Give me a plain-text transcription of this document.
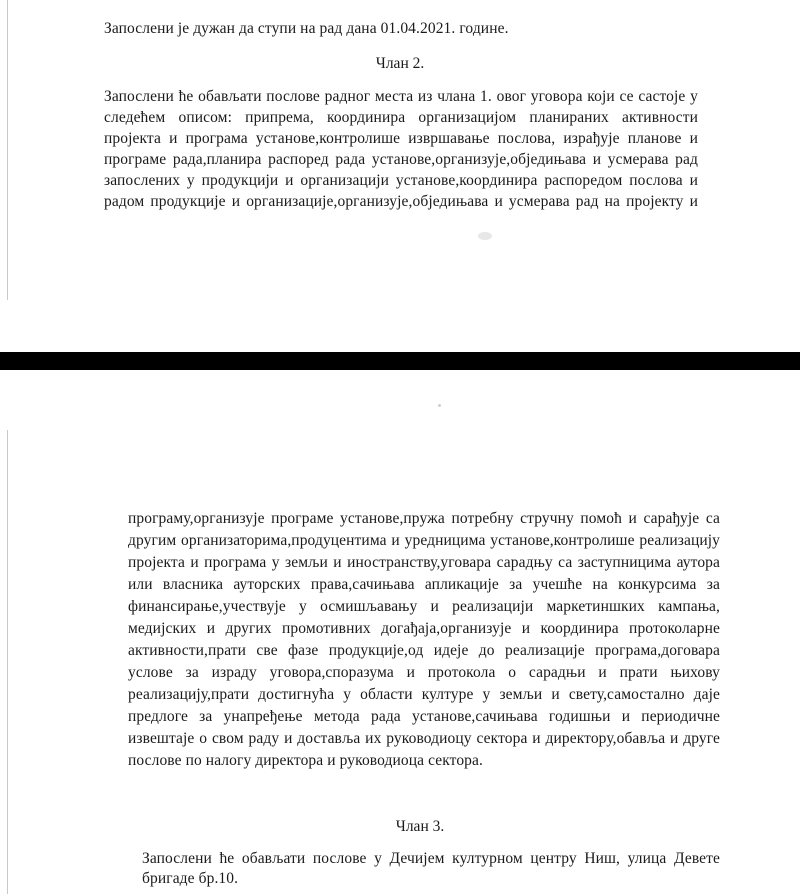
Запослени је дужан да ступи на рад дана 01.04.2021. године.
Члан 2.
Запослени ће обављати послове радног места из члана 1. овог уговора који се састоје у
следећем описом: припрема, координира организацијом планираних активности
пројекта и програма установе,контролише извршавање послова, израђује планове и
програме рада,планира распоред рада установе,организује,обједињава и усмерава рад
запослених у продукцији и организацији установе,координира распоредом послова и
радом продукције и организације,организује,обједињава и усмерава рад на пројекту и
програму,организује програме установе,пружа потребну стручну помоћ и сарађује са
другим организаторима,продуцентима и уредницима установе,контролише реализацију
пројекта и програма у земљи и иностранству,уговара сарадњу са заступницима аутора
или власника ауторских права,сачињава апликације за учешће на конкурсима за
финансирање,учествује у осмишљавању и реализацији маркетиншких кампања,
медијских и других промотивних догађаја,организује и координира протоколарне
активности,прати све фазе продукције,од идеје до реализације програма,договара
услове за израду уговора,споразума и протокола о сарадњи и прати њихову
реализацију,прати достигнућа у области културе у земљи и свету,самостално даје
предлоге за унапређење метода рада установе,сачињава годишњи и периодичне
извештаје о свом раду и доставља их руководиоцу сектора и директору,обавља и друге
послове по налогу директора и руководиоца сектора.
Члан 3.
Запослени ће обављати послове у Дечијем културном центру Ниш, улица Девете
бригаде бр.10.
